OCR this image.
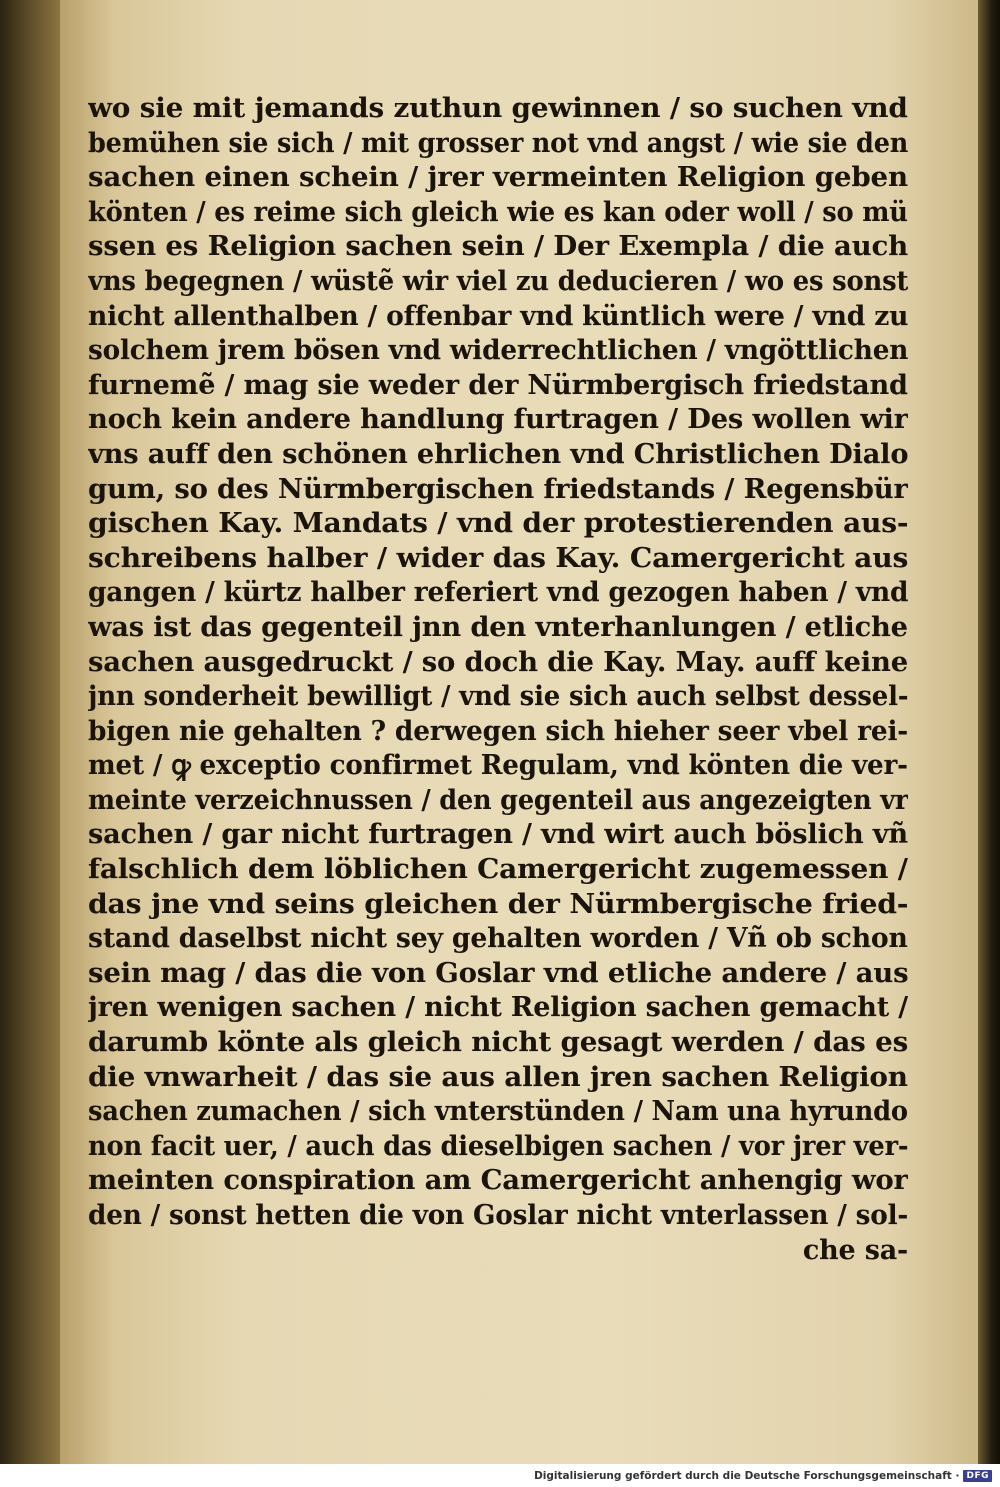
wo sie mit jemands zuthun gewinnen / so suchen vnd
bemühen sie sich / mit grosser not vnd angst / wie sie den
sachen einen schein / jrer vermeinten Religion geben
könten / es reime sich gleich wie es kan oder woll / so mü
ssen es Religion sachen sein / Der Exempla / die auch
vns begegnen / wüstẽ wir viel zu deducieren / wo es sonst
nicht allenthalben / offenbar vnd küntlich were / vnd zu
solchem jrem bösen vnd widerrechtlichen / vngöttlichen
furnemẽ / mag sie weder der Nürmbergisch friedstand
noch kein andere handlung furtragen / Des wollen wir
vns auff den schönen ehrlichen vnd Christlichen Dialo
gum, so des Nürmbergischen friedstands / Regensbür
gischen Kay. Mandats / vnd der protestierenden aus-
schreibens halber / wider das Kay. Camergericht aus
gangen / kürtz halber referiert vnd gezogen haben / vnd
was ist das gegenteil jnn den vnterhanlungen / etliche
sachen ausgedruckt / so doch die Kay. May. auff keine
jnn sonderheit bewilligt / vnd sie sich auch selbst dessel-
bigen nie gehalten ? derwegen sich hieher seer vbel rei-
met / ꝙ exceptio confirmet Regulam, vnd könten die ver-
meinte verzeichnussen / den gegenteil aus angezeigten vr
sachen / gar nicht furtragen / vnd wirt auch böslich vñ
falschlich dem löblichen Camergericht zugemessen /
das jne vnd seins gleichen der Nürmbergische fried-
stand daselbst nicht sey gehalten worden / Vñ ob schon
sein mag / das die von Goslar vnd etliche andere / aus
jren wenigen sachen / nicht Religion sachen gemacht /
darumb könte als gleich nicht gesagt werden / das es
die vnwarheit / das sie aus allen jren sachen Religion
sachen zumachen / sich vnterstünden / Nam una hyrundo
non facit uer, / auch das dieselbigen sachen / vor jrer ver-
meinten conspiration am Camergericht anhengig wor
den / sonst hetten die von Goslar nicht vnterlassen / sol-
che sa-
Digitalisierung gefördert durch die Deutsche Forschungsgemeinschaft · DFG
